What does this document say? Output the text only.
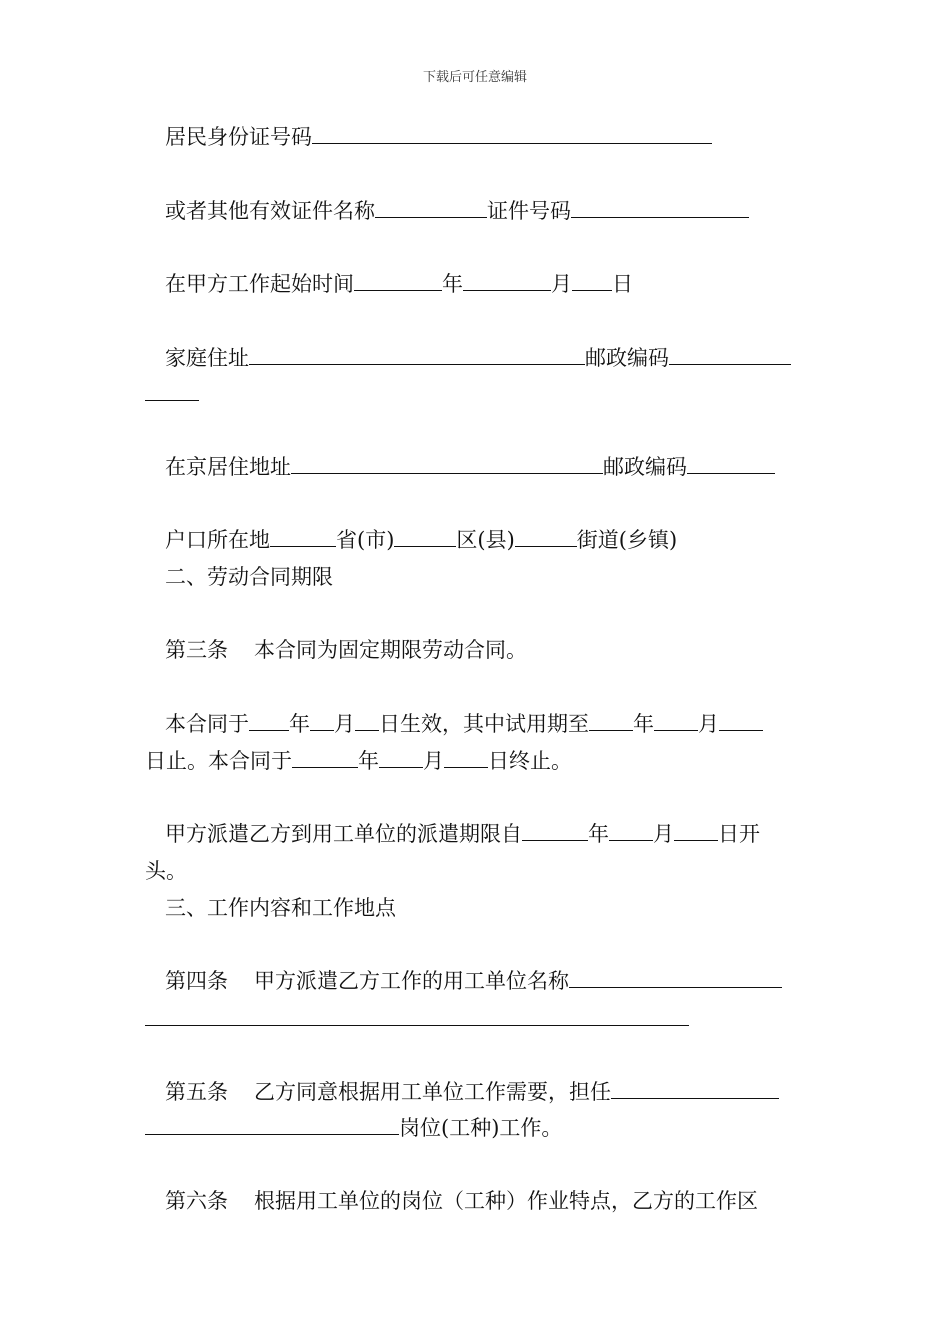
下载后可任意编辑
居民身份证号码
或者其他有效证件名称	证件号码
在甲方工作起始时间	年	月 日
家庭住址	邮政编码
在京居住地址	邮政编码
户口所在地	省(市)	区(县)	街道(乡镇)
二、劳动合同期限
第三条 本合同为固定期限劳动合同。
本合同于 年 月 日生效，其中试用期至 年 月
日止。本合同于	年 月 日终止。
甲方派遣乙方到用工单位的派遣期限自	年 月 日开
头。
三、工作内容和工作地点
第四条 甲方派遣乙方工作的用工单位名称
第五条 乙方同意根据用工单位工作需要，担任
岗位(工种)工作。
第六条 根据用工单位的岗位（工种）作业特点，乙方的工作区
